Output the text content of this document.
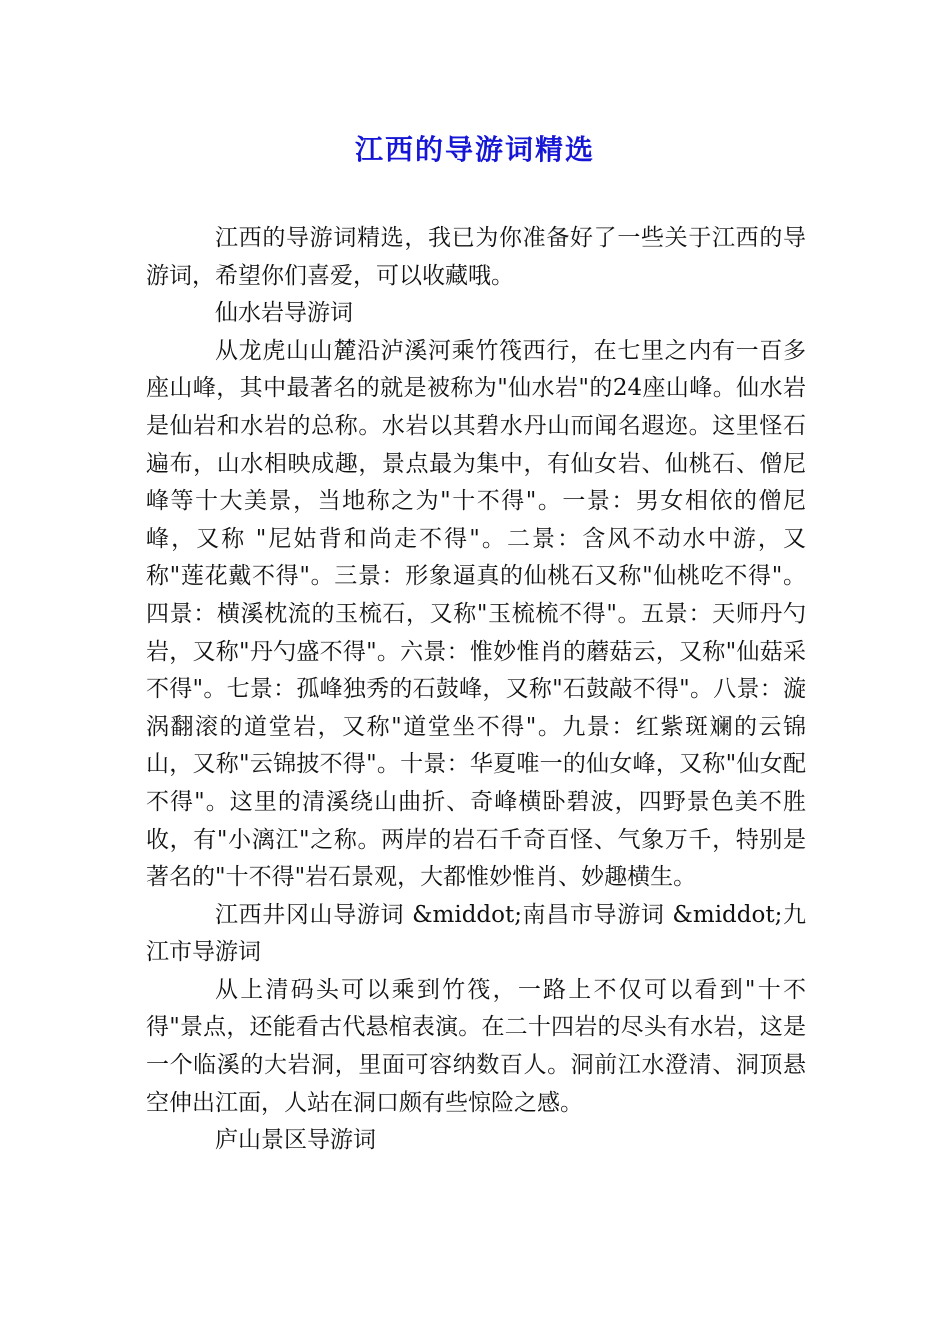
江西的导游词精选

江西的导游词精选，我已为你准备好了一些关于江西的导游词，希望你们喜爱，可以收藏哦。

仙水岩导游词

从龙虎山山麓沿泸溪河乘竹筏西行，在七里之内有一百多座山峰，其中最著名的就是被称为"仙水岩"的24座山峰。仙水岩是仙岩和水岩的总称。水岩以其碧水丹山而闻名遐迩。这里怪石遍布，山水相映成趣，景点最为集中，有仙女岩、仙桃石、僧尼峰等十大美景，当地称之为"十不得"。一景：男女相依的僧尼峰，又称 "尼姑背和尚走不得"。二景：含风不动水中游，又称"莲花戴不得"。三景：形象逼真的仙桃石又称"仙桃吃不得"。四景：横溪枕流的玉梳石，又称"玉梳梳不得"。五景：天师丹勺岩，又称"丹勺盛不得"。六景：惟妙惟肖的蘑菇云，又称"仙菇采不得"。七景：孤峰独秀的石鼓峰，又称"石鼓敲不得"。八景：漩涡翻滚的道堂岩，又称"道堂坐不得"。九景：红紫斑斓的云锦山，又称"云锦披不得"。十景：华夏唯一的仙女峰，又称"仙女配不得"。这里的清溪绕山曲折、奇峰横卧碧波，四野景色美不胜收，有"小漓江"之称。两岸的岩石千奇百怪、气象万千，特别是著名的"十不得"岩石景观，大都惟妙惟肖、妙趣横生。

江西井冈山导游词 &middot;南昌市导游词 &middot;九江市导游词

从上清码头可以乘到竹筏，一路上不仅可以看到"十不得"景点，还能看古代悬棺表演。在二十四岩的尽头有水岩，这是一个临溪的大岩洞，里面可容纳数百人。洞前江水澄清、洞顶悬空伸出江面，人站在洞口颇有些惊险之感。

庐山景区导游词
